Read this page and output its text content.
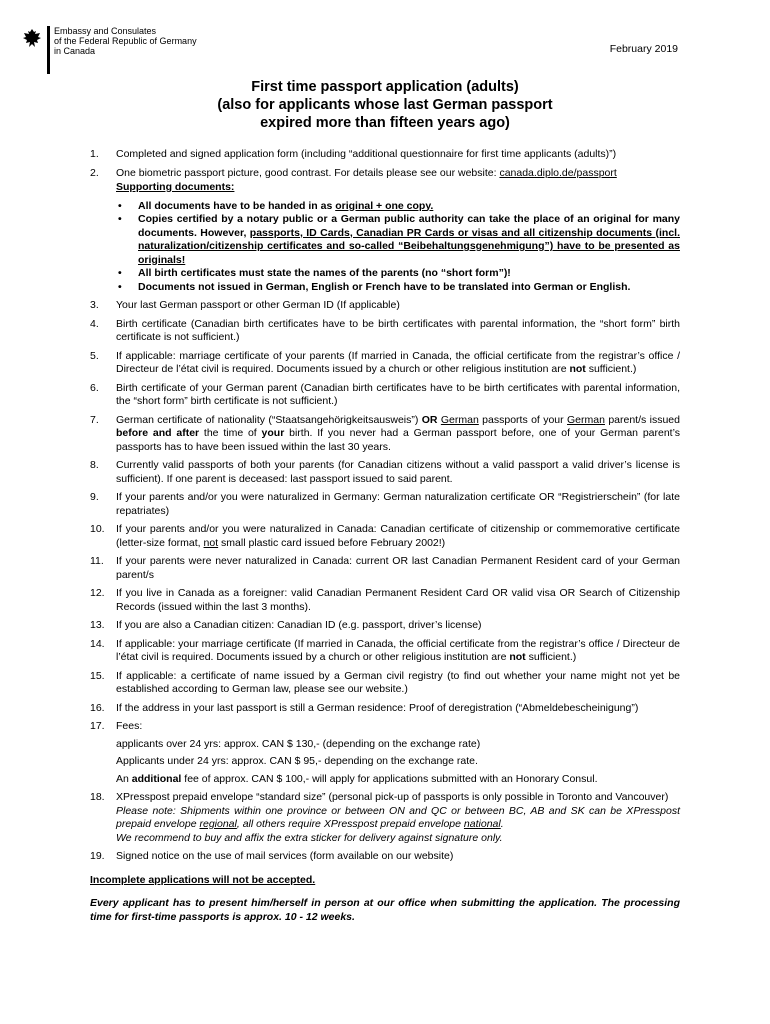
Embassy and Consulates
of the Federal Republic of Germany
in Canada	February 2019
First time passport application (adults)
(also for applicants whose last German passport
expired more than fifteen years ago)
1. Completed and signed application form (including “additional questionnaire for first time applicants (adults)”)
2. One biometric passport picture, good contrast. For details please see our website: canada.diplo.de/passport
Supporting documents:
• All documents have to be handed in as original + one copy.
• Copies certified by a notary public or a German public authority can take the place of an original for many documents. However, passports, ID Cards, Canadian PR Cards or visas and all citizenship documents (incl. naturalization/citizenship certificates and so-called “Beibehaltungsgenehmigung”) have to be presented as originals!
• All birth certificates must state the names of the parents (no “short form”)!
• Documents not issued in German, English or French have to be translated into German or English.
3. Your last German passport or other German ID (If applicable)
4. Birth certificate (Canadian birth certificates have to be birth certificates with parental information, the “short form” birth certificate is not sufficient.)
5. If applicable: marriage certificate of your parents (If married in Canada, the official certificate from the registrar’s office / Directeur de l’état civil is required. Documents issued by a church or other religious institution are not sufficient.)
6. Birth certificate of your German parent (Canadian birth certificates have to be birth certificates with parental information, the “short form” birth certificate is not sufficient.)
7. German certificate of nationality (“Staatsangehörigkeitsausweis”) OR German passports of your German parent/s issued before and after the time of your birth. If you never had a German passport before, one of your German parent’s passports has to have been issued within the last 30 years.
8. Currently valid passports of both your parents (for Canadian citizens without a valid passport a valid driver’s license is sufficient). If one parent is deceased: last passport issued to said parent.
9. If your parents and/or you were naturalized in Germany: German naturalization certificate OR “Registrierschein” (for late repatriates)
10. If your parents and/or you were naturalized in Canada: Canadian certificate of citizenship or commemorative certificate (letter-size format, not small plastic card issued before February 2002!)
11. If your parents were never naturalized in Canada: current OR last Canadian Permanent Resident card of your German parent/s
12. If you live in Canada as a foreigner: valid Canadian Permanent Resident Card OR valid visa OR Search of Citizenship Records (issued within the last 3 months).
13. If you are also a Canadian citizen: Canadian ID (e.g. passport, driver’s license)
14. If applicable: your marriage certificate (If married in Canada, the official certificate from the registrar’s office / Directeur de l’état civil is required. Documents issued by a church or other religious institution are not sufficient.)
15. If applicable: a certificate of name issued by a German civil registry (to find out whether your name might not yet be established according to German law, please see our website.)
16. If the address in your last passport is still a German residence: Proof of deregistration (“Abmeldebescheinigung”)
17. Fees:
applicants over 24 yrs: approx. CAN $ 130,- (depending on the exchange rate)
Applicants under 24 yrs: approx. CAN $ 95,- depending on the exchange rate.
An additional fee of approx. CAN $ 100,- will apply for applications submitted with an Honorary Consul.
18. XPresspost prepaid envelope “standard size” (personal pick-up of passports is only possible in Toronto and Vancouver)
Please note: Shipments within one province or between ON and QC or between BC, AB and SK can be XPresspost prepaid envelope regional, all others require XPresspost prepaid envelope national.
We recommend to buy and affix the extra sticker for delivery against signature only.
19. Signed notice on the use of mail services (form available on our website)
Incomplete applications will not be accepted.
Every applicant has to present him/herself in person at our office when submitting the application. The processing time for first-time passports is approx. 10 - 12 weeks.
